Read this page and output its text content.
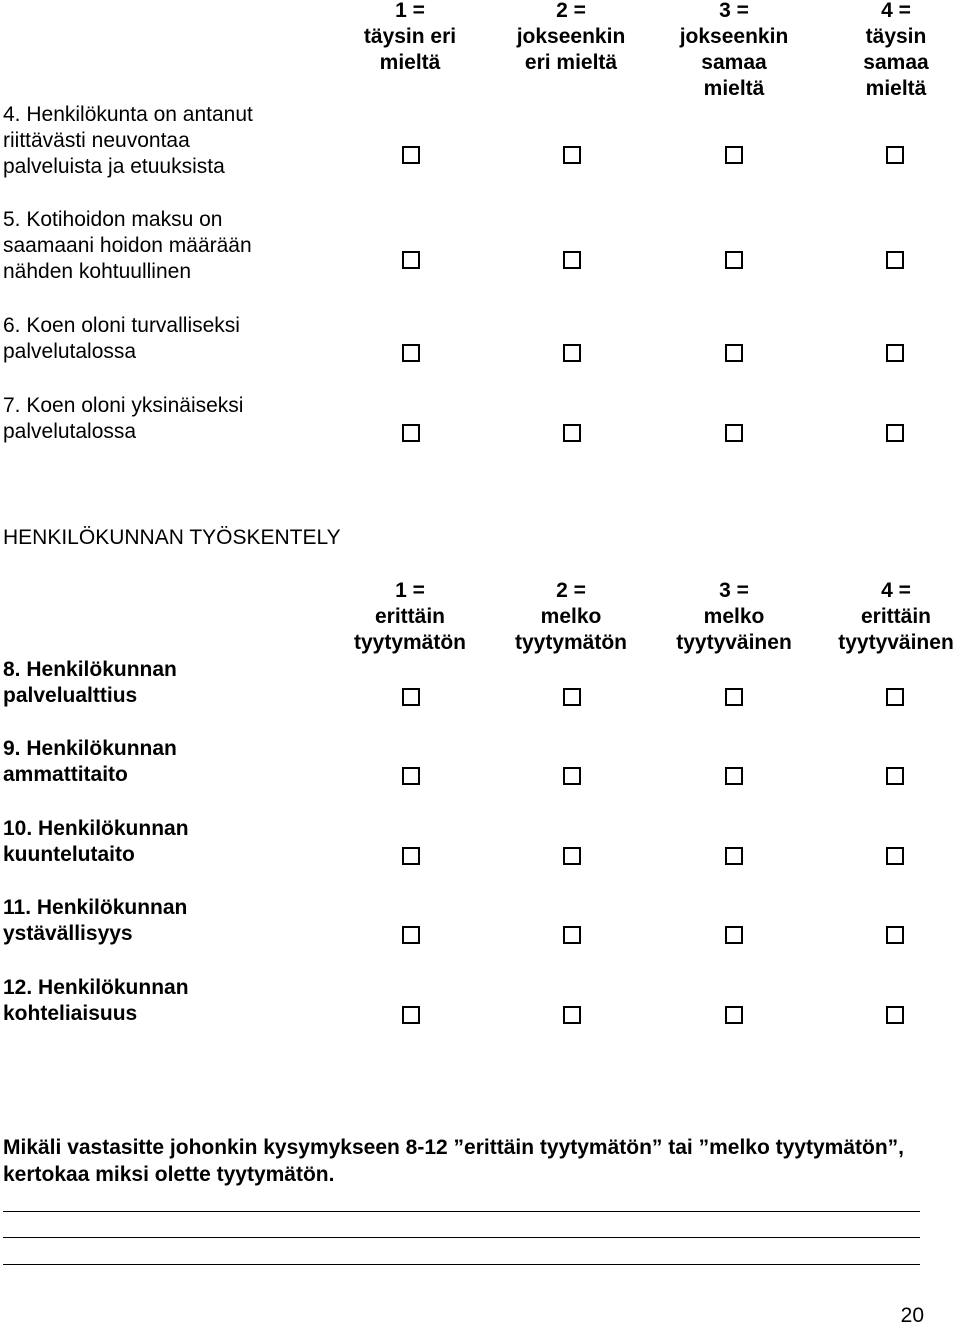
1 =
täysin eri
mieltä
2 =
jokseenkin
eri mieltä
3 =
jokseenkin
samaa
mieltä
4 =
täysin
samaa
mieltä
4. Henkilökunta on antanut
riittävästi neuvontaa
palveluista ja etuuksista
5. Kotihoidon maksu on
saamaani hoidon määrään
nähden kohtuullinen
6. Koen oloni turvalliseksi
palvelutalossa
7. Koen oloni yksinäiseksi
palvelutalossa
HENKILÖKUNNAN TYÖSKENTELY
1 =
erittäin
tyytymätön
2 =
melko
tyytymätön
3 =
melko
tyytyväinen
4 =
erittäin
tyytyväinen
8. Henkilökunnan
palvelualttius
9. Henkilökunnan
ammattitaito
10. Henkilökunnan
kuuntelutaito
11. Henkilökunnan
ystävällisyys
12. Henkilökunnan
kohteliaisuus
Mikäli vastasitte johonkin kysymykseen 8-12 ”erittäin tyytymätön” tai ”melko tyytymätön”, kertokaa miksi olette tyytymätön.
20
